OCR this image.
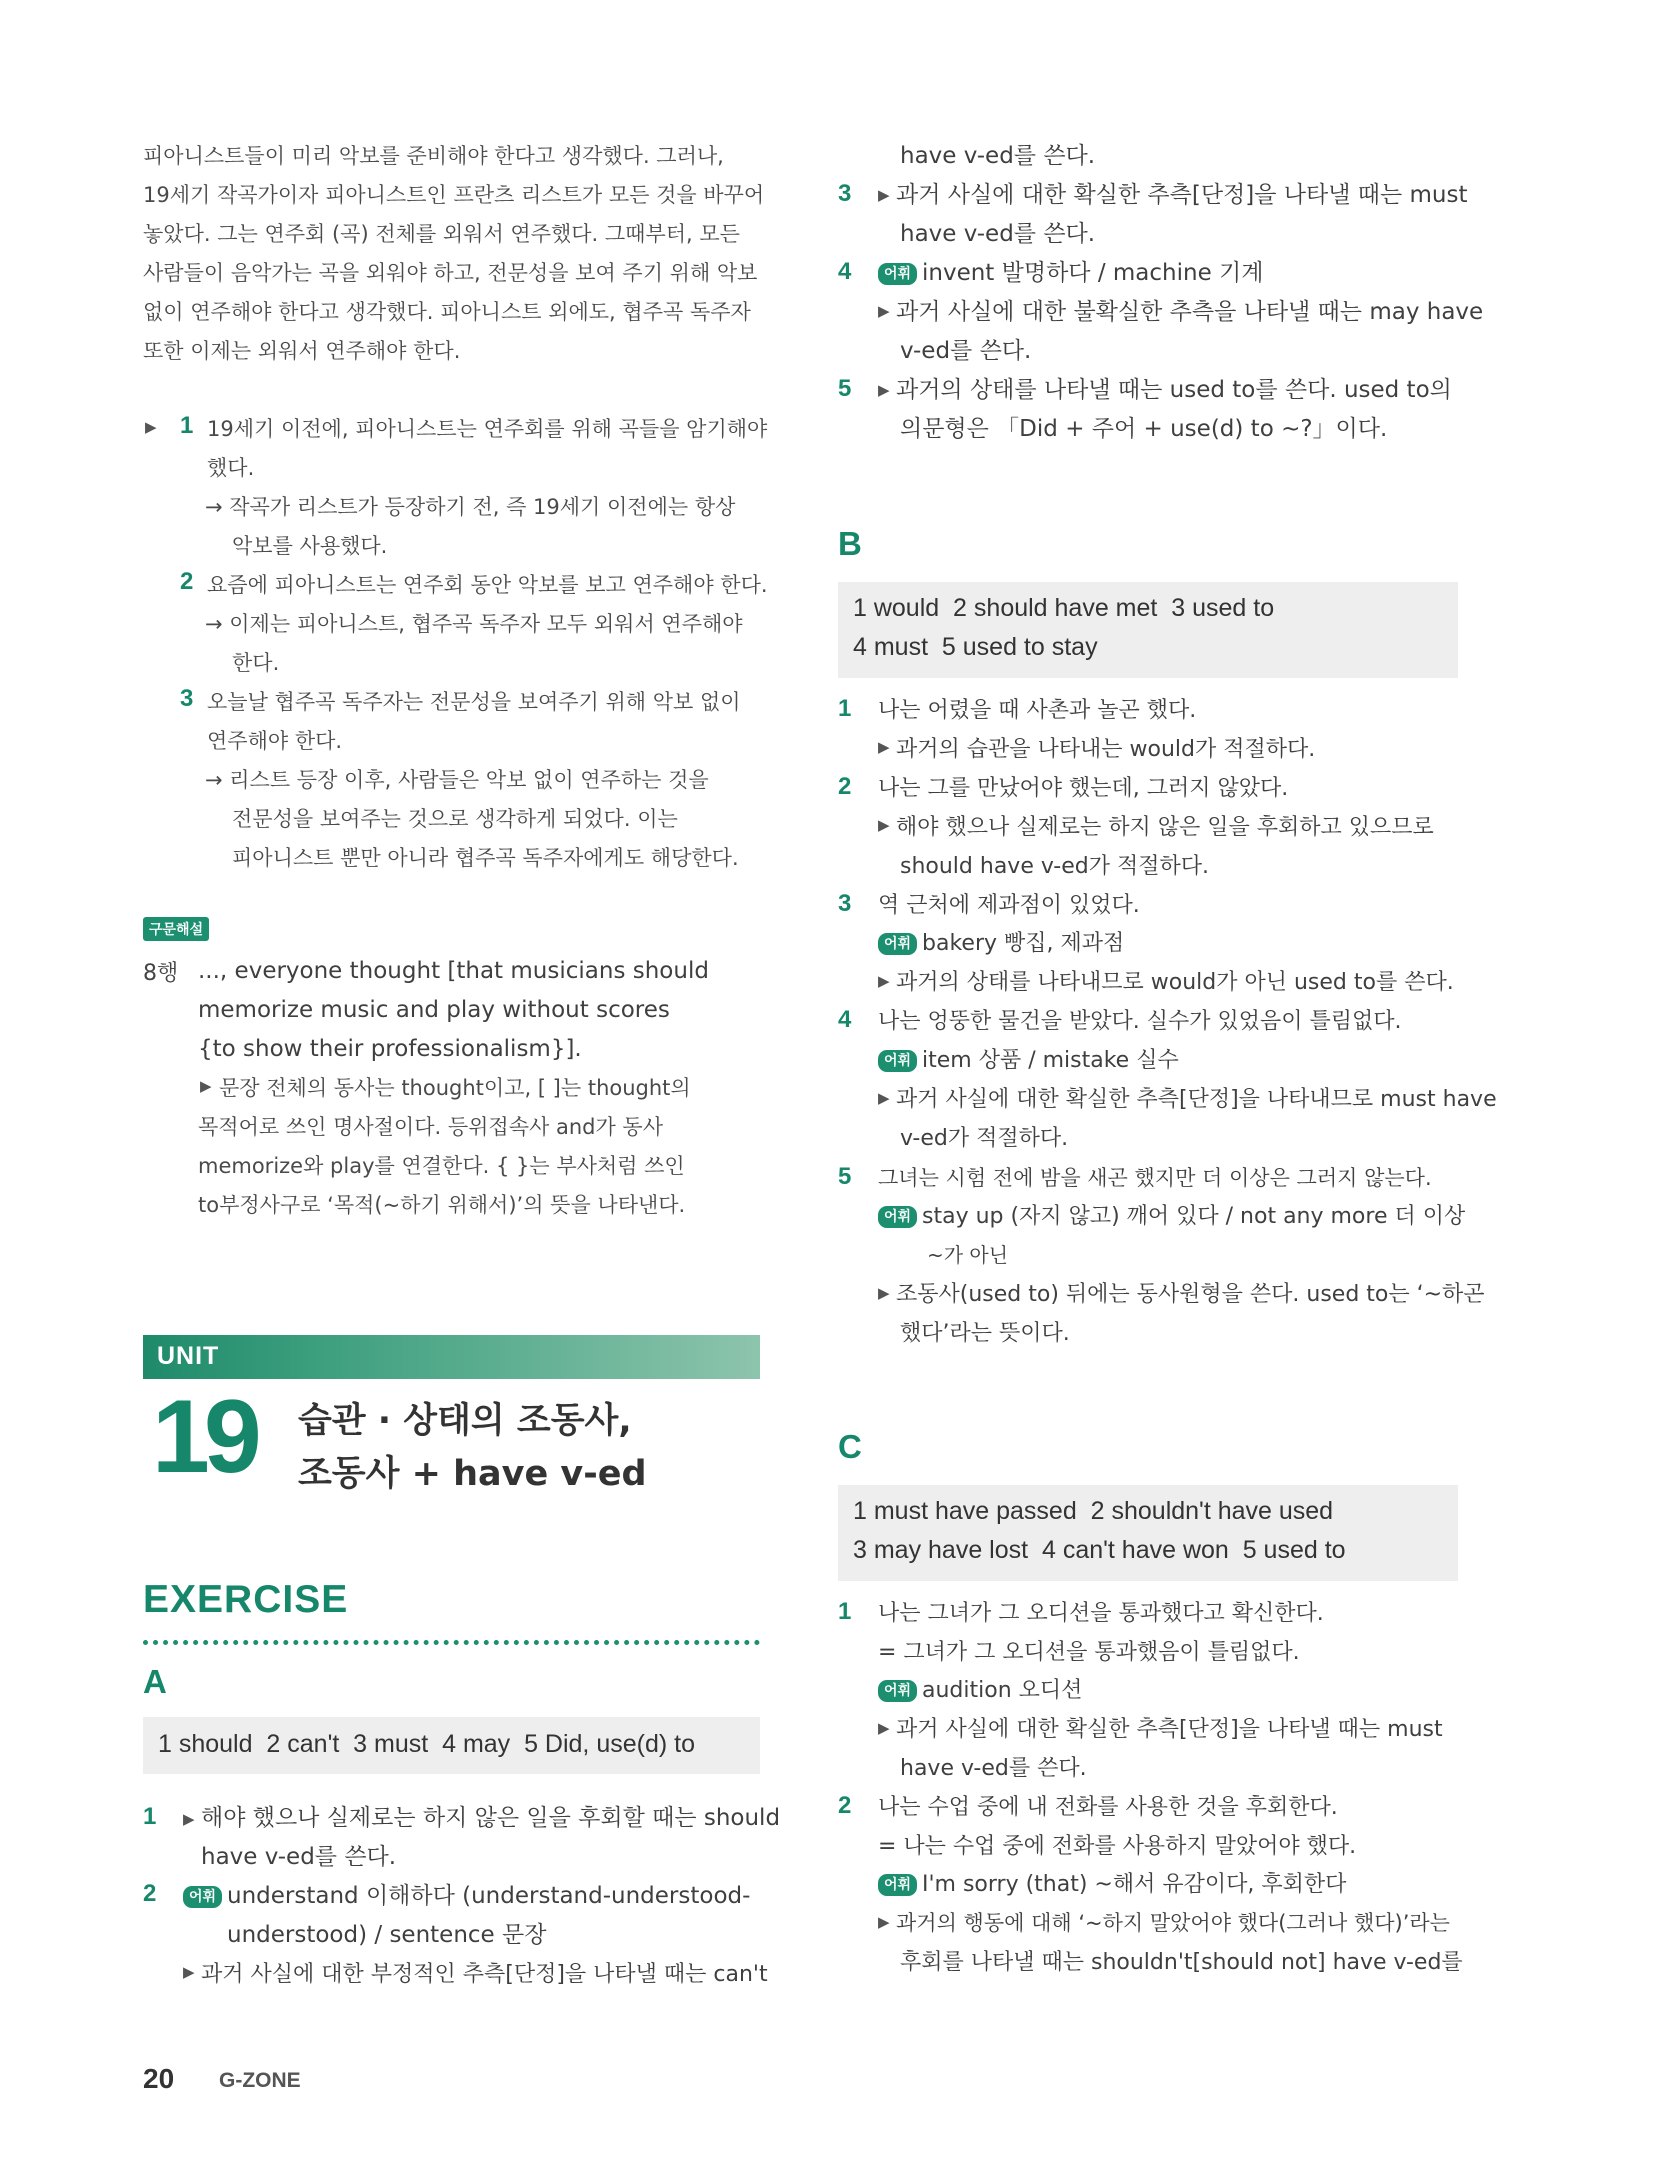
피아니스트들이 미리 악보를 준비해야 한다고 생각했다. 그러나,
19세기 작곡가이자 피아니스트인 프란츠 리스트가 모든 것을 바꾸어
놓았다. 그는 연주회 (곡) 전체를 외워서 연주했다. 그때부터, 모든
사람들이 음악가는 곡을 외워야 하고, 전문성을 보여 주기 위해 악보
없이 연주해야 한다고 생각했다. 피아니스트 외에도, 협주곡 독주자
또한 이제는 외워서 연주해야 한다.
▶ 1 19세기 이전에, 피아니스트는 연주회를 위해 곡들을 암기해야
했다.
→ 작곡가 리스트가 등장하기 전, 즉 19세기 이전에는 항상
악보를 사용했다.
2 요즘에 피아니스트는 연주회 동안 악보를 보고 연주해야 한다.
→ 이제는 피아니스트, 협주곡 독주자 모두 외워서 연주해야
한다.
3 오늘날 협주곡 독주자는 전문성을 보여주기 위해 악보 없이
연주해야 한다.
→ 리스트 등장 이후, 사람들은 악보 없이 연주하는 것을
전문성을 보여주는 것으로 생각하게 되었다. 이는
피아니스트 뿐만 아니라 협주곡 독주자에게도 해당한다.
구문해설
8행 ..., everyone thought [that musicians should
memorize music and play without scores
{to show their professionalism}].
▶ 문장 전체의 동사는 thought이고, [ ]는 thought의
목적어로 쓰인 명사절이다. 등위접속사 and가 동사
memorize와 play를 연결한다. { }는 부사처럼 쓰인
to부정사구로 ‘목적(~하기 위해서)’의 뜻을 나타낸다.
UNIT
19 습관 · 상태의 조동사,
조동사 + have v-ed
EXERCISE
A
1 should  2 can't  3 must  4 may  5 Did, use(d) to
1 ▶ 해야 했으나 실제로는 하지 않은 일을 후회할 때는 should
have v-ed를 쓴다.
2	어휘 understand 이해하다 (understand-understood-
understood) / sentence 문장
▶ 과거 사실에 대한 부정적인 추측[단정]을 나타낼 때는 can't
20 G-ZONE
have v-ed를 쓴다.
3 ▶ 과거 사실에 대한 확실한 추측[단정]을 나타낼 때는 must
have v-ed를 쓴다.
4	어휘 invent 발명하다 / machine 기계
▶ 과거 사실에 대한 불확실한 추측을 나타낼 때는 may have
v-ed를 쓴다.
5 ▶ 과거의 상태를 나타낼 때는 used to를 쓴다. used to의
의문형은 「Did + 주어 + use(d) to ~?」이다.
B
1 would  2 should have met  3 used to
4 must  5 used to stay
1 나는 어렸을 때 사촌과 놀곤 했다.
▶ 과거의 습관을 나타내는 would가 적절하다.
2 나는 그를 만났어야 했는데, 그러지 않았다.
▶ 해야 했으나 실제로는 하지 않은 일을 후회하고 있으므로
should have v-ed가 적절하다.
3 역 근처에 제과점이 있었다.
어휘 bakery 빵집, 제과점
▶ 과거의 상태를 나타내므로 would가 아닌 used to를 쓴다.
4 나는 엉뚱한 물건을 받았다. 실수가 있었음이 틀림없다.
어휘 item 상품 / mistake 실수
▶ 과거 사실에 대한 확실한 추측[단정]을 나타내므로 must have
v-ed가 적절하다.
5 그녀는 시험 전에 밤을 새곤 했지만 더 이상은 그러지 않는다.
어휘 stay up (자지 않고) 깨어 있다 / not any more 더 이상
~가 아닌
▶ 조동사(used to) 뒤에는 동사원형을 쓴다. used to는 ‘~하곤
했다’라는 뜻이다.
C
1 must have passed  2 shouldn't have used
3 may have lost  4 can't have won  5 used to
1 나는 그녀가 그 오디션을 통과했다고 확신한다.
= 그녀가 그 오디션을 통과했음이 틀림없다.
어휘 audition 오디션
▶ 과거 사실에 대한 확실한 추측[단정]을 나타낼 때는 must
have v-ed를 쓴다.
2 나는 수업 중에 내 전화를 사용한 것을 후회한다.
= 나는 수업 중에 전화를 사용하지 말았어야 했다.
어휘 I'm sorry (that) ~해서 유감이다, 후회한다
▶ 과거의 행동에 대해 ‘~하지 말았어야 했다(그러나 했다)’라는
후회를 나타낼 때는 shouldn't[should not] have v-ed를
